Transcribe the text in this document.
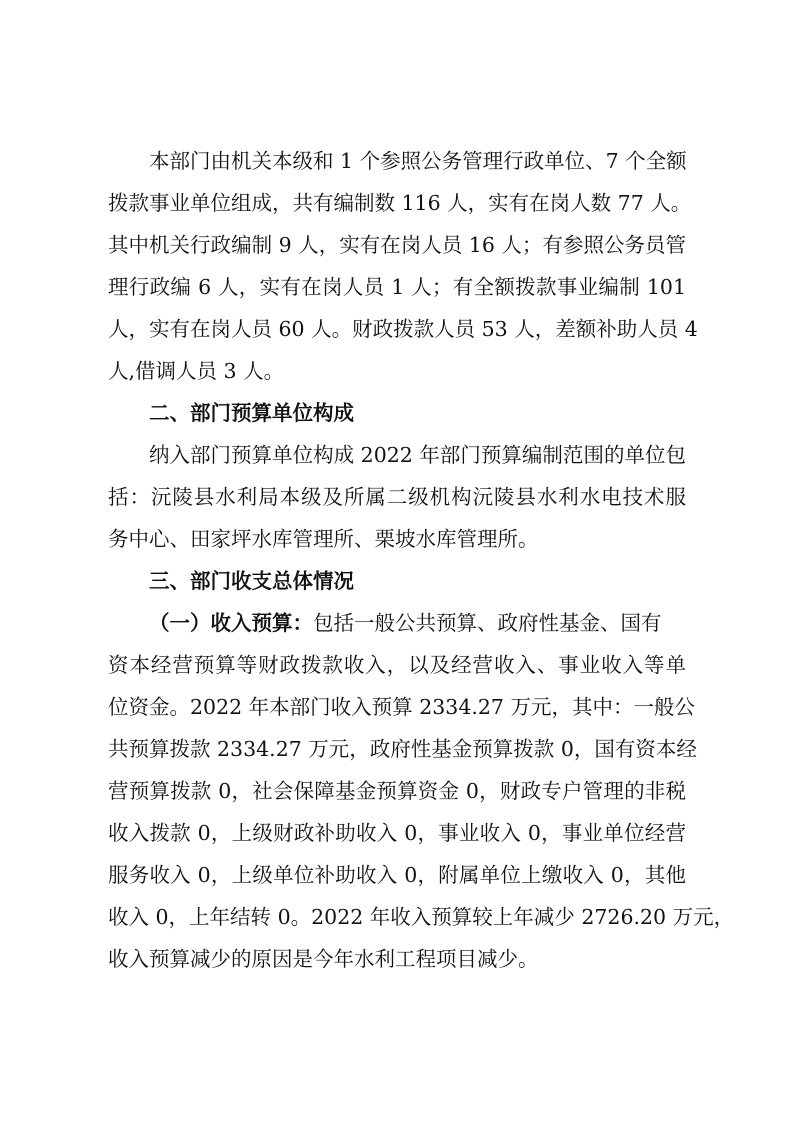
本部门由机关本级和 1 个参照公务管理行政单位、7 个全额
拨款事业单位组成，共有编制数 116 人，实有在岗人数 77 人。
其中机关行政编制 9 人，实有在岗人员 16 人；有参照公务员管
理行政编 6 人，实有在岗人员 1 人；有全额拨款事业编制 101
人，实有在岗人员 60 人。财政拨款人员 53 人，差额补助人员 4
人,借调人员 3 人。
二、部门预算单位构成
纳入部门预算单位构成 2022 年部门预算编制范围的单位包
括：沅陵县水利局本级及所属二级机构沅陵县水利水电技术服
务中心、田家坪水库管理所、栗坡水库管理所。
三、部门收支总体情况
（一）收入预算：包括一般公共预算、政府性基金、国有
资本经营预算等财政拨款收入，以及经营收入、事业收入等单
位资金。2022 年本部门收入预算 2334.27 万元，其中：一般公
共预算拨款 2334.27 万元，政府性基金预算拨款 0，国有资本经
营预算拨款 0，社会保障基金预算资金 0，财政专户管理的非税
收入拨款 0，上级财政补助收入 0，事业收入 0，事业单位经营
服务收入 0，上级单位补助收入 0，附属单位上缴收入 0，其他
收入 0，上年结转 0。2022 年收入预算较上年减少 2726.20 万元，
收入预算减少的原因是今年水利工程项目减少。
